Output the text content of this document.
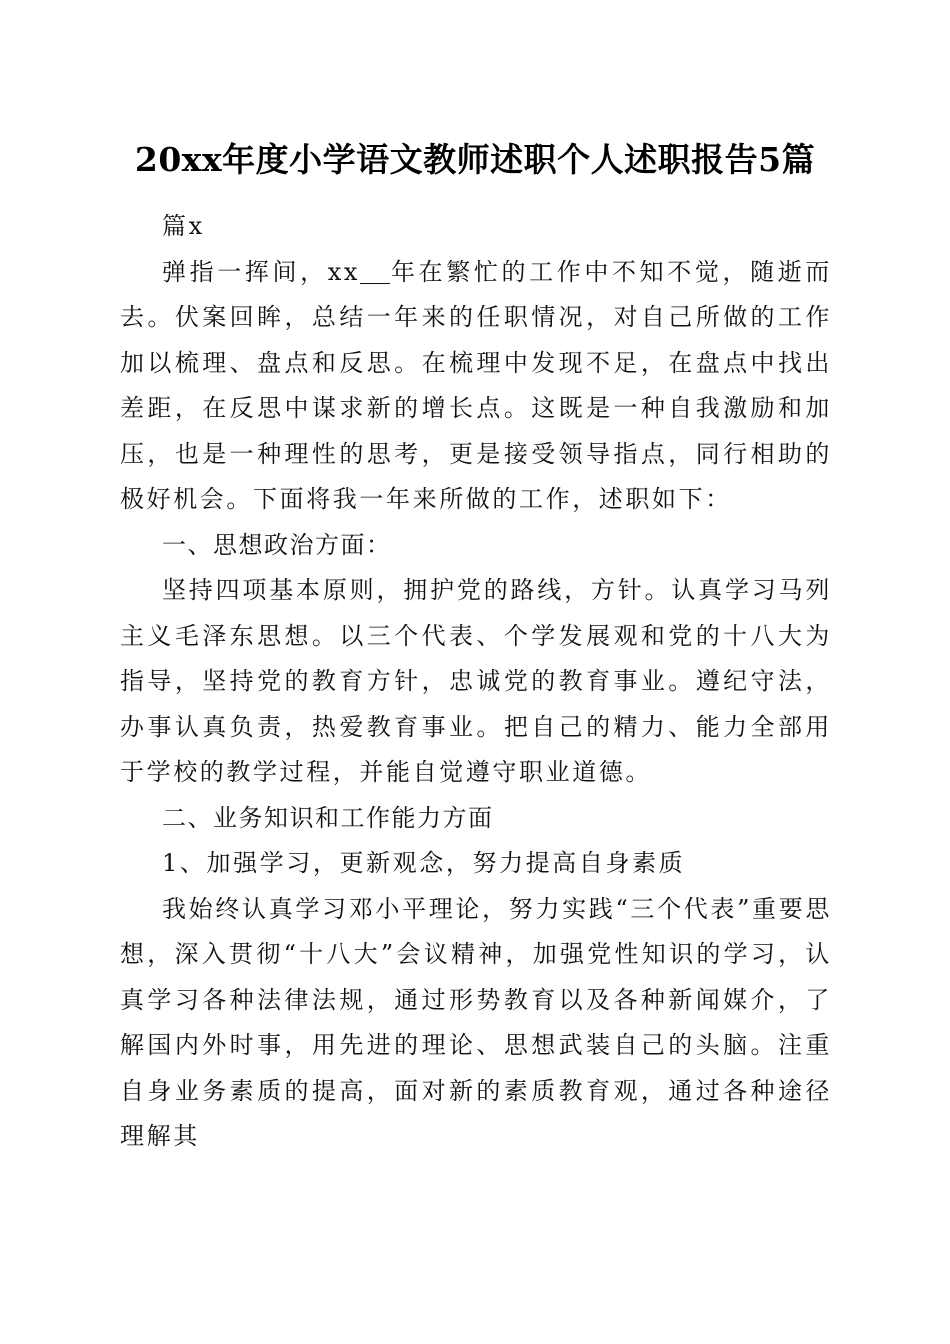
20xx年度小学语文教师述职个人述职报告5篇

篇x

弹指一挥间，xx 年在繁忙的工作中不知不觉，随逝而去。伏案回眸，总结一年来的任职情况，对自己所做的工作加以梳理、盘点和反思。在梳理中发现不足，在盘点中找出差距，在反思中谋求新的增长点。这既是一种自我激励和加压，也是一种理性的思考，更是接受领导指点，同行相助的极好机会。下面将我一年来所做的工作，述职如下：

一、思想政治方面：

坚持四项基本原则，拥护党的路线，方针。认真学习马列主义毛泽东思想。以三个代表、个学发展观和党的十八大为指导，坚持党的教育方针，忠诚党的教育事业。遵纪守法，办事认真负责，热爱教育事业。把自己的精力、能力全部用于学校的教学过程，并能自觉遵守职业道德。

二、业务知识和工作能力方面

1、加强学习，更新观念，努力提高自身素质

我始终认真学习邓小平理论，努力实践“三个代表”重要思想，深入贯彻“十八大”会议精神，加强党性知识的学习，认真学习各种法律法规，通过形势教育以及各种新闻媒介，了解国内外时事，用先进的理论、思想武装自己的头脑。注重自身业务素质的提高，面对新的素质教育观，通过各种途径理解其
